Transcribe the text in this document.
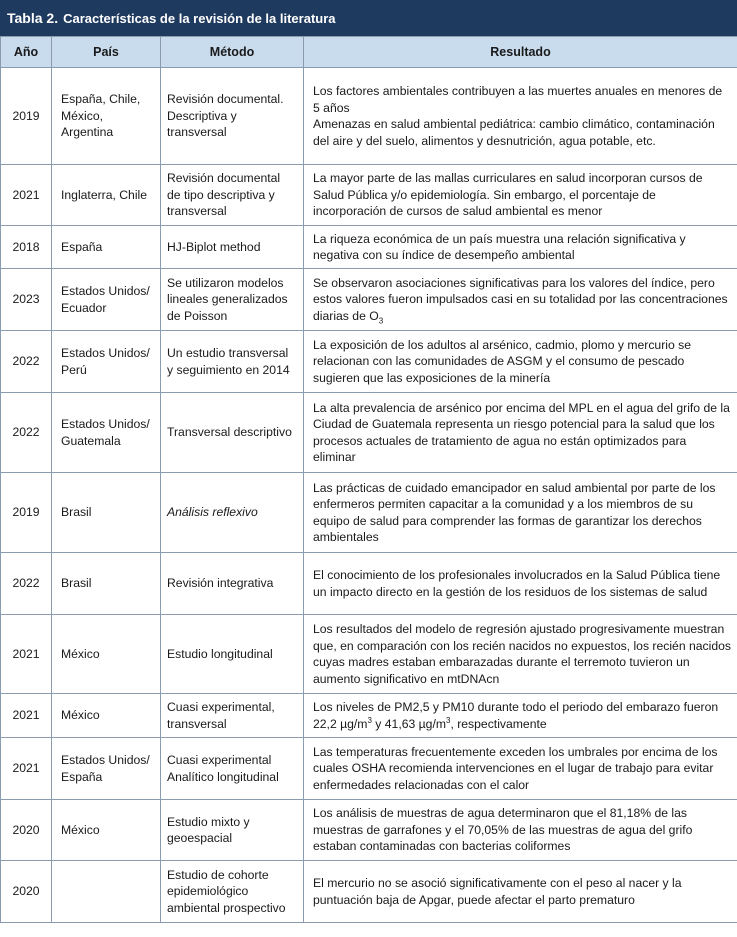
Tabla 2. Características de la revisión de la literatura
Año	País	Método	Resultado
2019	España, Chile, México, Argentina	Revisión documental. Descriptiva y transversal	Los factores ambientales contribuyen a las muertes anuales en menores de 5 años
Amenazas en salud ambiental pediátrica: cambio climático, contaminación del aire y del suelo, alimentos y desnutrición, agua potable, etc.

2021	Inglaterra, Chile	Revisión documental de tipo descriptiva y transversal	La mayor parte de las mallas curriculares en salud incorporan cursos de Salud Pública y/o epidemiología. Sin embargo, el porcentaje de incorporación de cursos de salud ambiental es menor
2018	España	HJ-Biplot method	La riqueza económica de un país muestra una relación significativa y negativa con su índice de desempeño ambiental
2023	Estados Unidos/ Ecuador	Se utilizaron modelos lineales generalizados de Poisson	Se observaron asociaciones significativas para los valores del índice, pero estos valores fueron impulsados casi en su totalidad por las concentraciones diarias de $O_3$
2022	Estados Unidos/ Perú	Un estudio transversal y seguimiento en 2014	La exposición de los adultos al arsénico, cadmio, plomo y mercurio se relacionan con las comunidades de ASGM y el consumo de pescado sugieren que las exposiciones de la minería
2022	Estados Unidos/ Guatemala	Transversal descriptivo	La alta prevalencia de arsénico por encima del MPL en el agua del grifo de la Ciudad de Guatemala representa un riesgo potencial para la salud que los procesos actuales de tratamiento de agua no están optimizados para eliminar
2019	Brasil	Análisis reflexivo	Las prácticas de cuidado emancipador en salud ambiental por parte de los enfermeros permiten capacitar a la comunidad y a los miembros de su equipo de salud para comprender las formas de garantizar los derechos ambientales
2022	Brasil	Revisión integrativa	El conocimiento de los profesionales involucrados en la Salud Pública tiene un impacto directo en la gestión de los residuos de los sistemas de salud
2021	México	Estudio longitudinal	Los resultados del modelo de regresión ajustado progresivamente muestran que, en comparación con los recién nacidos no expuestos, los recién nacidos cuyas madres estaban embarazadas durante el terremoto tuvieron un aumento significativo en mtDNAcn
2021	México	Cuasi experimental, transversal	Los niveles de PM2,5 y PM10 durante todo el periodo del embarazo fueron 22,2 $\mu g/m^3$ y 41,63 $\mu g/m^3$, respectivamente
2021	Estados Unidos/ España	Cuasi experimental Analítico longitudinal	Las temperaturas frecuentemente exceden los umbrales por encima de los cuales OSHA recomienda intervenciones en el lugar de trabajo para evitar enfermedades relacionadas con el calor
2020	México	Estudio mixto y geoespacial	Los análisis de muestras de agua determinaron que el 81,18% de las muestras de garrafones y el 70,05% de las muestras de agua del grifo estaban contaminadas con bacterias coliformes
2020		Estudio de cohorte epidemiológico ambiental prospectivo	El mercurio no se asoció significativamente con el peso al nacer y la puntuación baja de Apgar, puede afectar el parto prematuro
